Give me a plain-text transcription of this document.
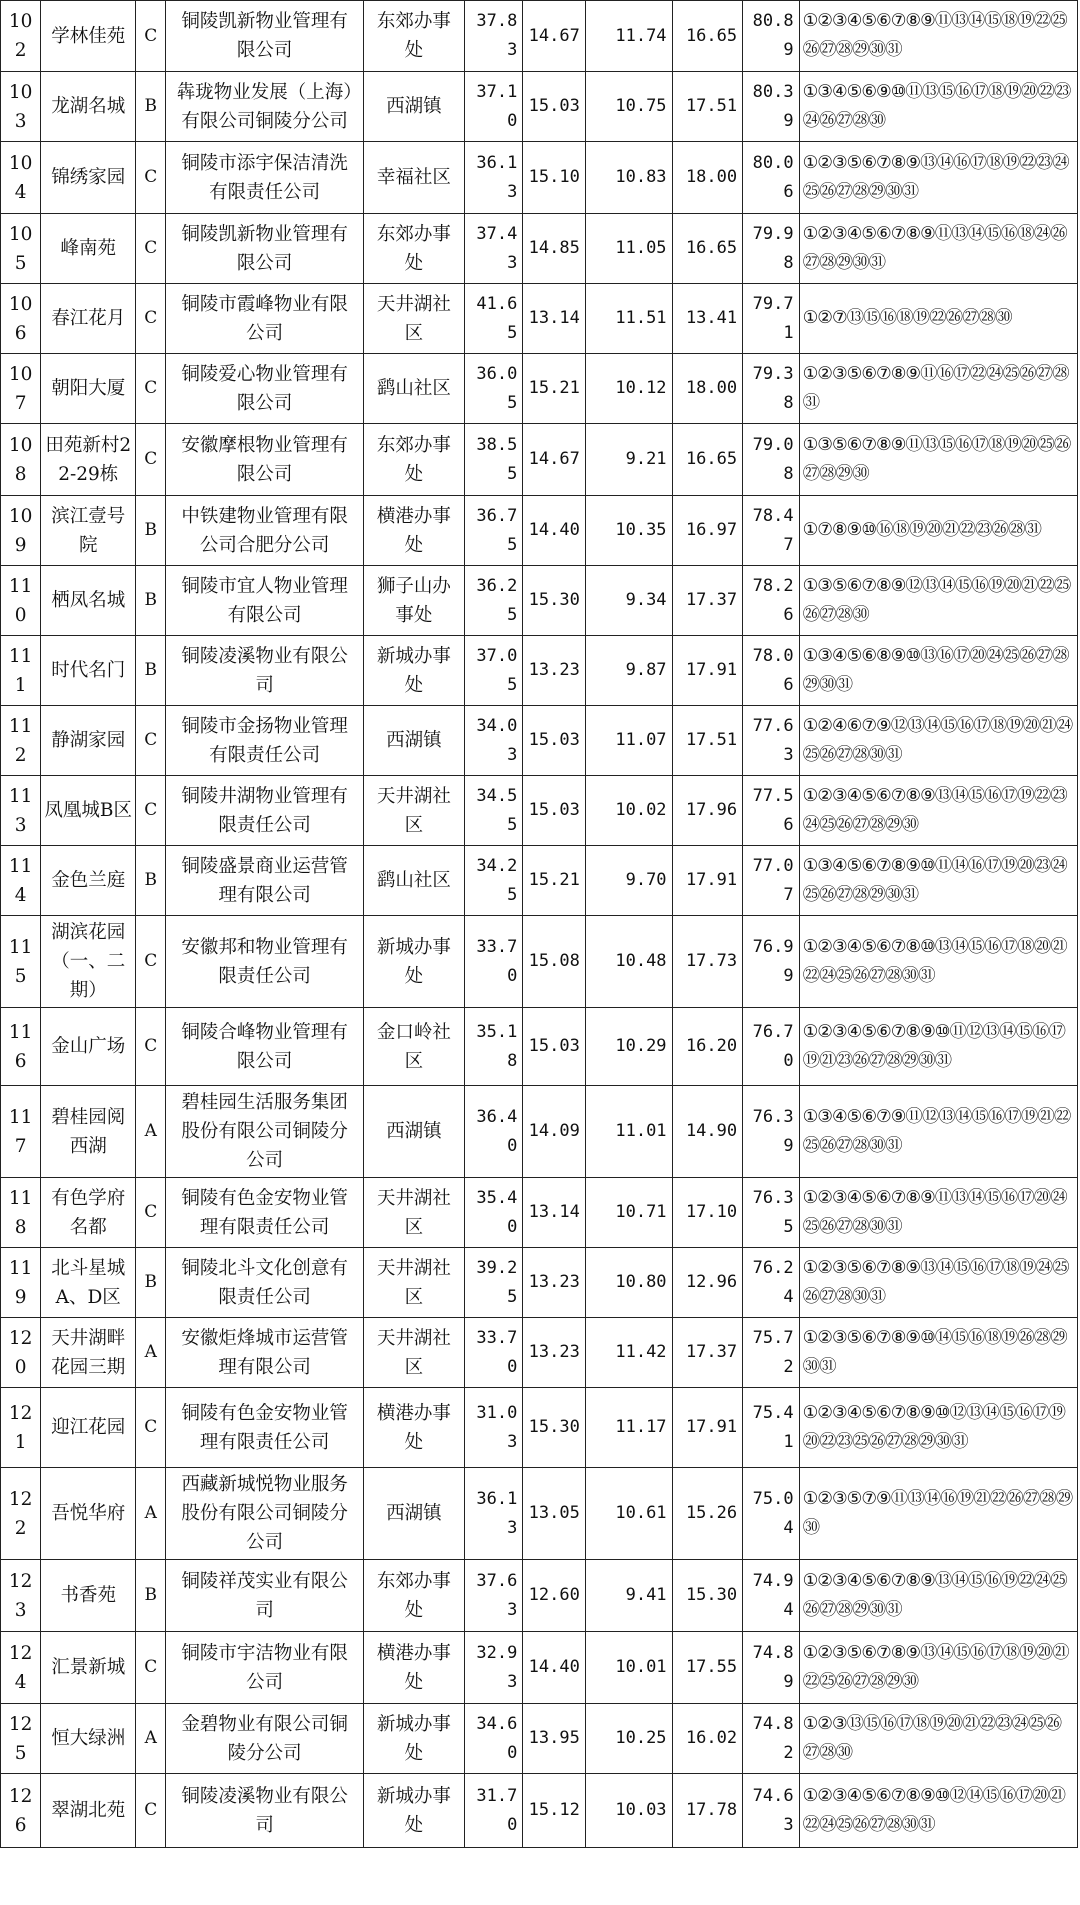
102	学林佳苑	C	铜陵凯新物业管理有限公司	东郊办事处	37.83	14.67	11.74	16.65	80.89	①②③④⑤⑥⑦⑧⑨⑪⑬⑭⑮⑱⑲㉒㉕㉖㉗㉘㉙㉚㉛
103	龙湖名城	B	犇珑物业发展（上海）有限公司铜陵分公司	西湖镇	37.10	15.03	10.75	17.51	80.39	①③④⑤⑥⑨⑩⑪⑬⑮⑯⑰⑱⑲⑳㉒㉓㉔㉖㉗㉘㉚
104	锦绣家园	C	铜陵市添宇保洁清洗有限责任公司	幸福社区	36.13	15.10	10.83	18.00	80.06	①②③⑤⑥⑦⑧⑨⑬⑭⑯⑰⑱⑲㉒㉓㉔㉕㉖㉗㉘㉙㉚㉛
105	峰南苑	C	铜陵凯新物业管理有限公司	东郊办事处	37.43	14.85	11.05	16.65	79.98	①②③④⑤⑥⑦⑧⑨⑪⑬⑭⑮⑯⑱㉔㉖㉗㉘㉙㉚㉛
106	春江花月	C	铜陵市霞峰物业有限公司	天井湖社区	41.65	13.14	11.51	13.41	79.71	①②⑦⑬⑮⑯⑱⑲㉒㉖㉗㉘㉚
107	朝阳大厦	C	铜陵爱心物业管理有限公司	鹞山社区	36.05	15.21	10.12	18.00	79.38	①②③⑤⑥⑦⑧⑨⑪⑯⑰㉒㉔㉕㉖㉗㉘㉛
108	田苑新村22-29栋	C	安徽摩根物业管理有限公司	东郊办事处	38.55	14.67	9.21	16.65	79.08	①③⑤⑥⑦⑧⑨⑪⑬⑮⑯⑰⑱⑲⑳㉕㉖㉗㉘㉙㉚
109	滨江壹号院	B	中铁建物业管理有限公司合肥分公司	横港办事处	36.75	14.40	10.35	16.97	78.47	①⑦⑧⑨⑩⑯⑱⑲⑳㉑㉒㉓㉖㉘㉛
110	栖凤名城	B	铜陵市宜人物业管理有限公司	狮子山办事处	36.25	15.30	9.34	17.37	78.26	①③⑤⑥⑦⑧⑨⑫⑬⑭⑮⑯⑲⑳㉑㉒㉕㉖㉗㉘㉚
111	时代名门	B	铜陵凌溪物业有限公司	新城办事处	37.05	13.23	9.87	17.91	78.06	①③④⑤⑥⑧⑨⑩⑬⑯⑰⑳㉔㉕㉖㉗㉘㉙㉚㉛
112	静湖家园	C	铜陵市金扬物业管理有限责任公司	西湖镇	34.03	15.03	11.07	17.51	77.63	①②④⑥⑦⑨⑫⑬⑭⑮⑯⑰⑱⑲⑳㉑㉔㉕㉖㉗㉘㉚㉛
113	凤凰城B区	C	铜陵井湖物业管理有限责任公司	天井湖社区	34.55	15.03	10.02	17.96	77.56	①②③④⑤⑥⑦⑧⑨⑬⑭⑮⑯⑰⑲㉒㉓㉔㉕㉖㉗㉘㉙㉚
114	金色兰庭	B	铜陵盛景商业运营管理有限公司	鹞山社区	34.25	15.21	9.70	17.91	77.07	①③④⑤⑥⑦⑧⑨⑩⑪⑭⑯⑰⑲⑳㉓㉔㉕㉖㉗㉘㉙㉚㉛
115	湖滨花园（一、二期）	C	安徽邦和物业管理有限责任公司	新城办事处	33.70	15.08	10.48	17.73	76.99	①②③④⑤⑥⑦⑧⑩⑬⑭⑮⑯⑰⑱⑳㉑㉒㉔㉕㉖㉗㉘㉚㉛
116	金山广场	C	铜陵合峰物业管理有限公司	金口岭社区	35.18	15.03	10.29	16.20	76.70	①②③④⑤⑥⑦⑧⑨⑩⑪⑫⑬⑭⑮⑯⑰⑲㉑㉓㉖㉗㉘㉙㉚㉛
117	碧桂园阅西湖	A	碧桂园生活服务集团股份有限公司铜陵分公司	西湖镇	36.40	14.09	11.01	14.90	76.39	①③④⑤⑥⑦⑨⑪⑫⑬⑭⑮⑯⑰⑲㉑㉒㉕㉖㉗㉘㉚㉛
118	有色学府名都	C	铜陵有色金安物业管理有限责任公司	天井湖社区	35.40	13.14	10.71	17.10	76.35	①②③④⑤⑥⑦⑧⑨⑪⑬⑭⑮⑯⑰⑳㉔㉕㉖㉗㉘㉚㉛
119	北斗星城A、D区	B	铜陵北斗文化创意有限责任公司	天井湖社区	39.25	13.23	10.80	12.96	76.24	①②③⑤⑥⑦⑧⑨⑬⑭⑮⑯⑰⑱⑲㉔㉕㉖㉗㉘㉚㉛
120	天井湖畔花园三期	A	安徽炬烽城市运营管理有限公司	天井湖社区	33.70	13.23	11.42	17.37	75.72	①②③⑤⑥⑦⑧⑨⑩⑭⑮⑯⑱⑲㉖㉘㉙㉚㉛
121	迎江花园	C	铜陵有色金安物业管理有限责任公司	横港办事处	31.03	15.30	11.17	17.91	75.41	①②③④⑤⑥⑦⑧⑨⑩⑫⑬⑭⑮⑯⑰⑲⑳㉒㉓㉕㉖㉗㉘㉙㉚㉛
122	吾悦华府	A	西藏新城悦物业服务股份有限公司铜陵分公司	西湖镇	36.13	13.05	10.61	15.26	75.04	①②③⑤⑦⑨⑪⑬⑭⑯⑲㉑㉒㉖㉗㉘㉙㉚
123	书香苑	B	铜陵祥茂实业有限公司	东郊办事处	37.63	12.60	9.41	15.30	74.94	①②③④⑤⑥⑦⑧⑨⑬⑭⑮⑯⑲㉒㉔㉕㉖㉗㉘㉙㉚㉛
124	汇景新城	C	铜陵市宇洁物业有限公司	横港办事处	32.93	14.40	10.01	17.55	74.89	①②③⑤⑥⑦⑧⑨⑬⑭⑮⑯⑰⑱⑲⑳㉑㉒㉕㉖㉗㉘㉙㉚
125	恒大绿洲	A	金碧物业有限公司铜陵分公司	新城办事处	34.60	13.95	10.25	16.02	74.82	①②③⑬⑮⑯⑰⑱⑲⑳㉑㉒㉓㉔㉕㉖㉗㉘㉚
126	翠湖北苑	C	铜陵凌溪物业有限公司	新城办事处	31.70	15.12	10.03	17.78	74.63	①②③④⑤⑥⑦⑧⑨⑩⑫⑭⑮⑯⑰⑳㉑㉒㉔㉕㉖㉗㉘㉚㉛
